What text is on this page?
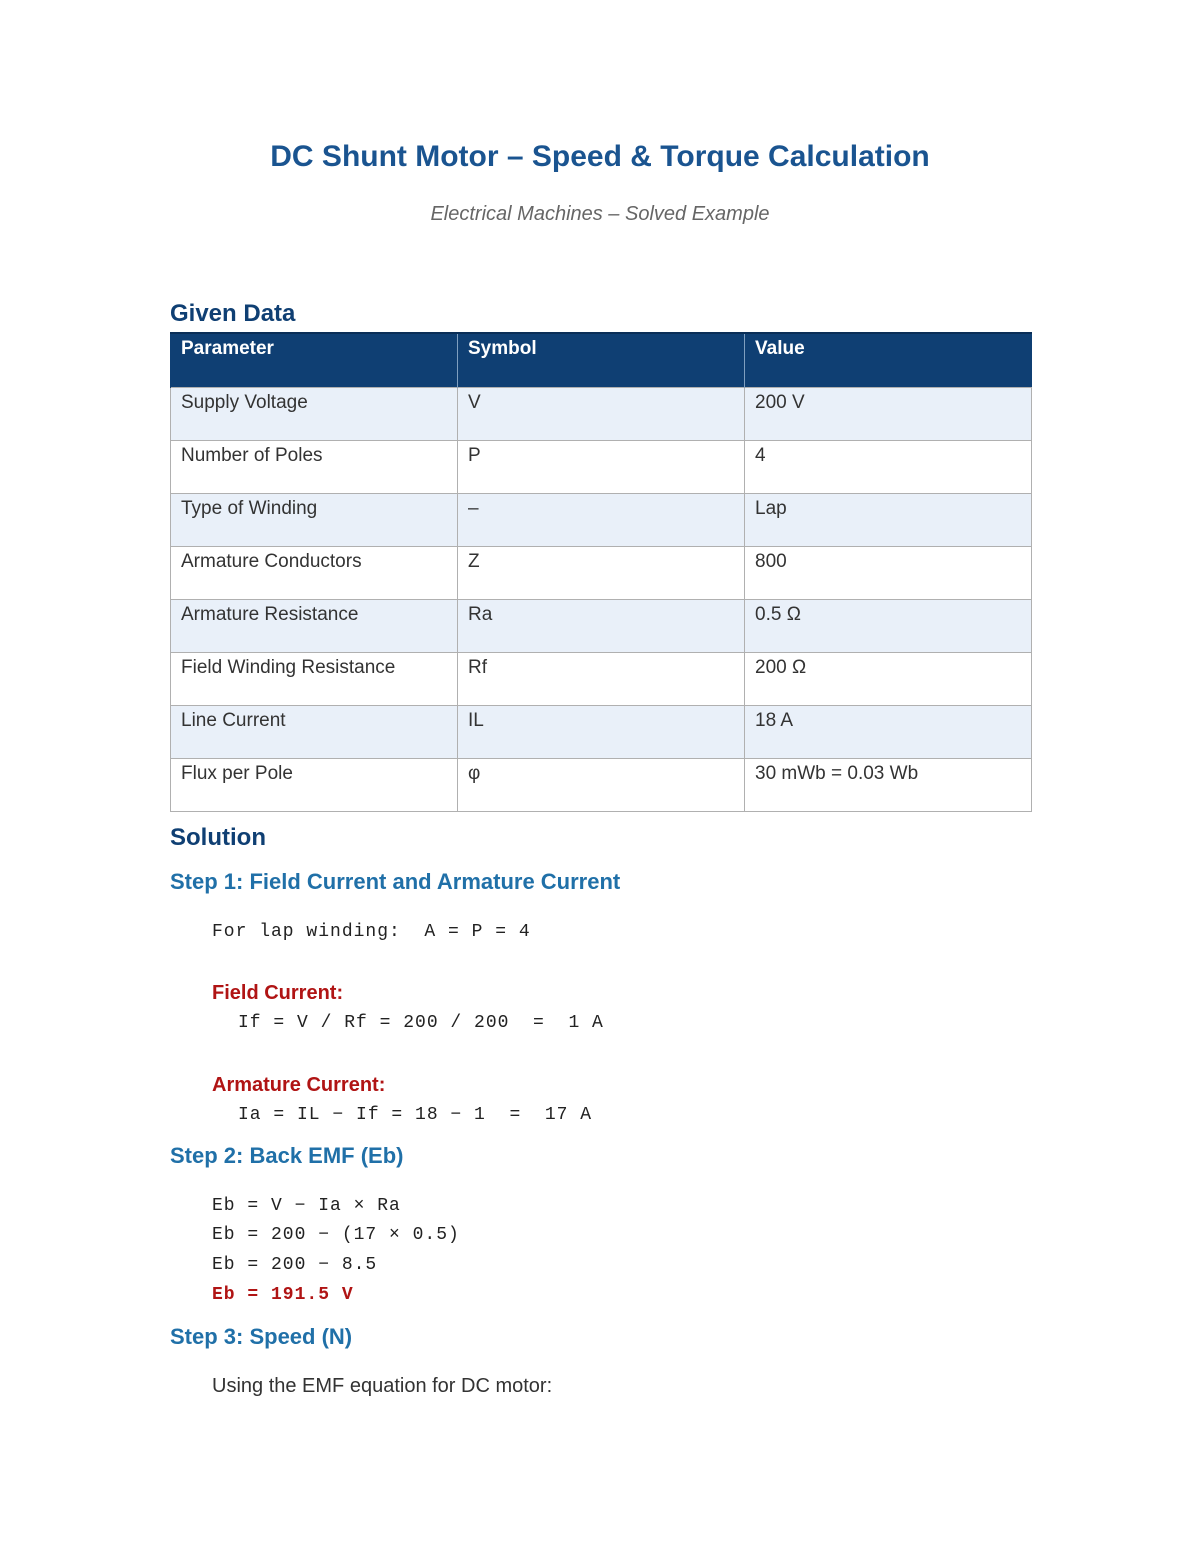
DC Shunt Motor – Speed & Torque Calculation
Electrical Machines – Solved Example
Given Data
Parameter	Symbol	Value
Supply Voltage	V	200 V
Number of Poles	P	4
Type of Winding	–	Lap
Armature Conductors	Z	800
Armature Resistance	Ra	0.5 Ω
Field Winding Resistance	Rf	200 Ω
Line Current	IL	18 A
Flux per Pole	φ	30 mWb = 0.03 Wb
Solution
Step 1: Field Current and Armature Current
For lap winding:  A = P = 4
Field Current:
If = V / Rf = 200 / 200  =  1 A
Armature Current:
Ia = IL − If = 18 − 1  =  17 A
Step 2: Back EMF (Eb)
Eb = V − Ia × Ra
Eb = 200 − (17 × 0.5)
Eb = 200 − 8.5
Eb = 191.5 V
Step 3: Speed (N)
Using the EMF equation for DC motor:
